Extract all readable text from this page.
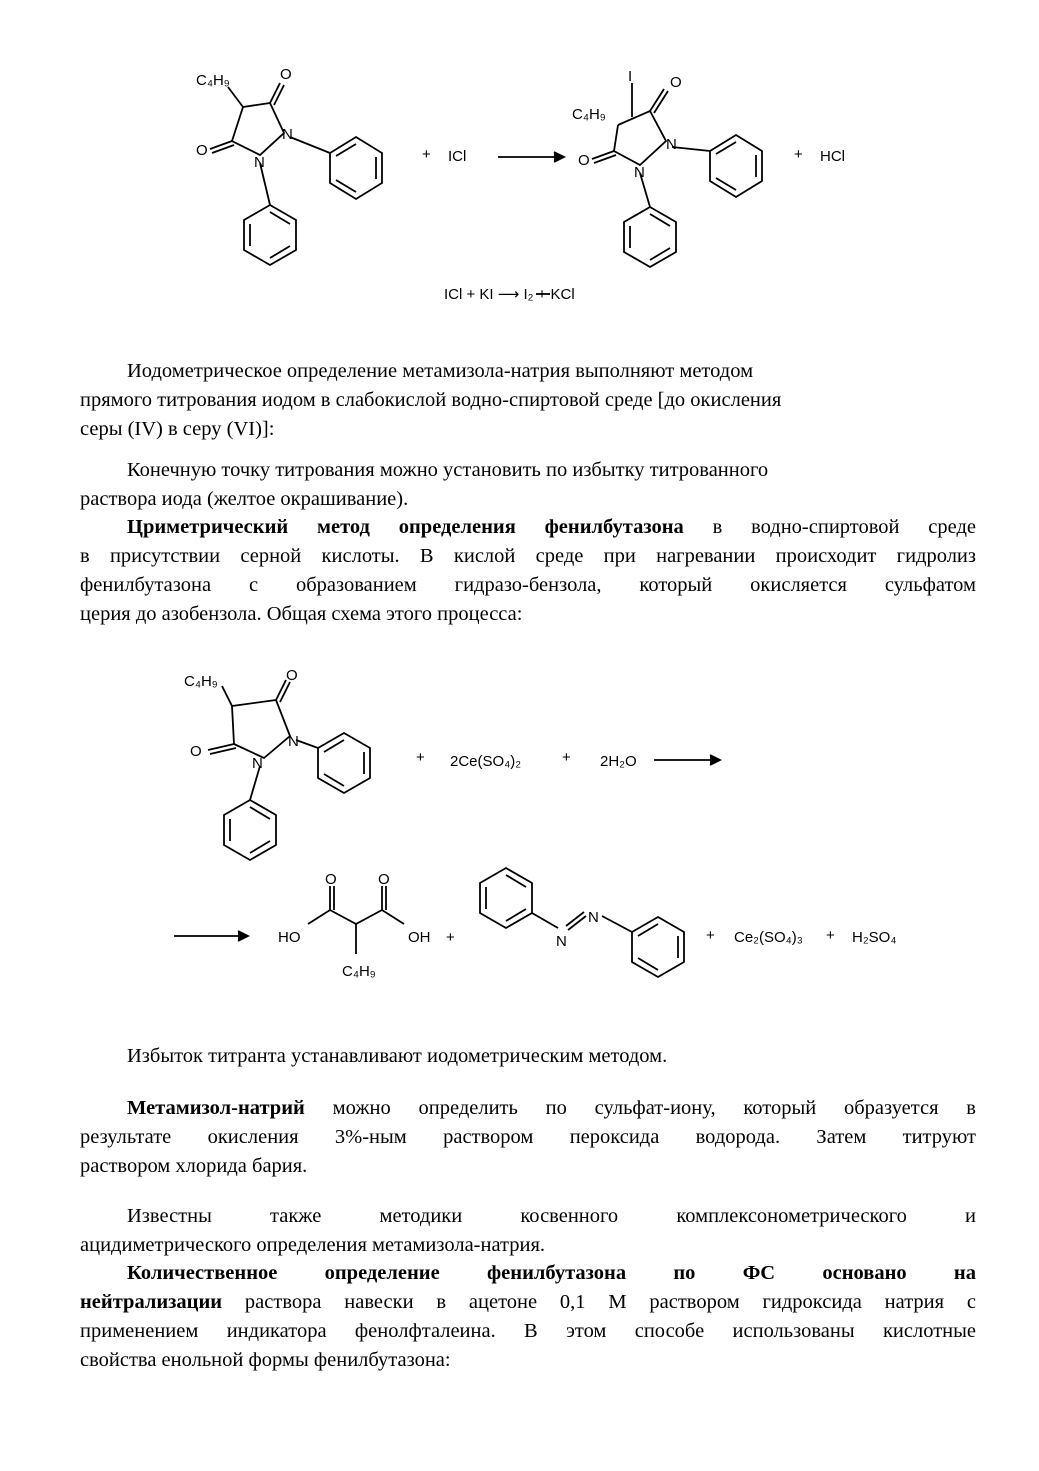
C₄H₉	O
O
N
N	+ ICl
I
C₄H₉
O
O
N
N
+ HCl
ICl + KI ⟶ I₂ + KCl
Иодометрическое определение метамизола-натрия выполняют методом
прямого титрования иодом в слабокислой водно-спиртовой среде [до окисления
серы (IV) в серу (VI)]:
Конечную точку титрования можно установить по избытку титрованного
раствора иода (желтое окрашивание).
Цриметрический метод определения фенилбутазона в водно-спиртовой среде
в присутствии серной кислоты. В кислой среде при нагревании происходит гидролиз
фенилбутазона с образованием гидразо-бензола, который окисляется сульфатом
церия до азобензола. Общая схема этого процесса:
C₄H₉	O
O
N
N	+ 2Ce(SO₄)₂	+ 2H₂O
HO
O	O
OH
C₄H₉
+	N
N
+ Ce₂(SO₄)₃ + H₂SO₄
Избыток титранта устанавливают иодометрическим методом.
Метамизол-натрий можно определить по сульфат-иону, который образуется в
результате окисления 3%-ным раствором пероксида водорода. Затем титруют
раствором хлорида бария.
Известны также методики косвенного комплексонометрического и
ацидиметрического определения метамизола-натрия.
Количественное определение фенилбутазона по ФС основано на
нейтрализации раствора навески в ацетоне 0,1 М раствором гидроксида натрия с
применением индикатора фенолфталеина. В этом способе использованы кислотные
свойства енольной формы фенилбутазона:
